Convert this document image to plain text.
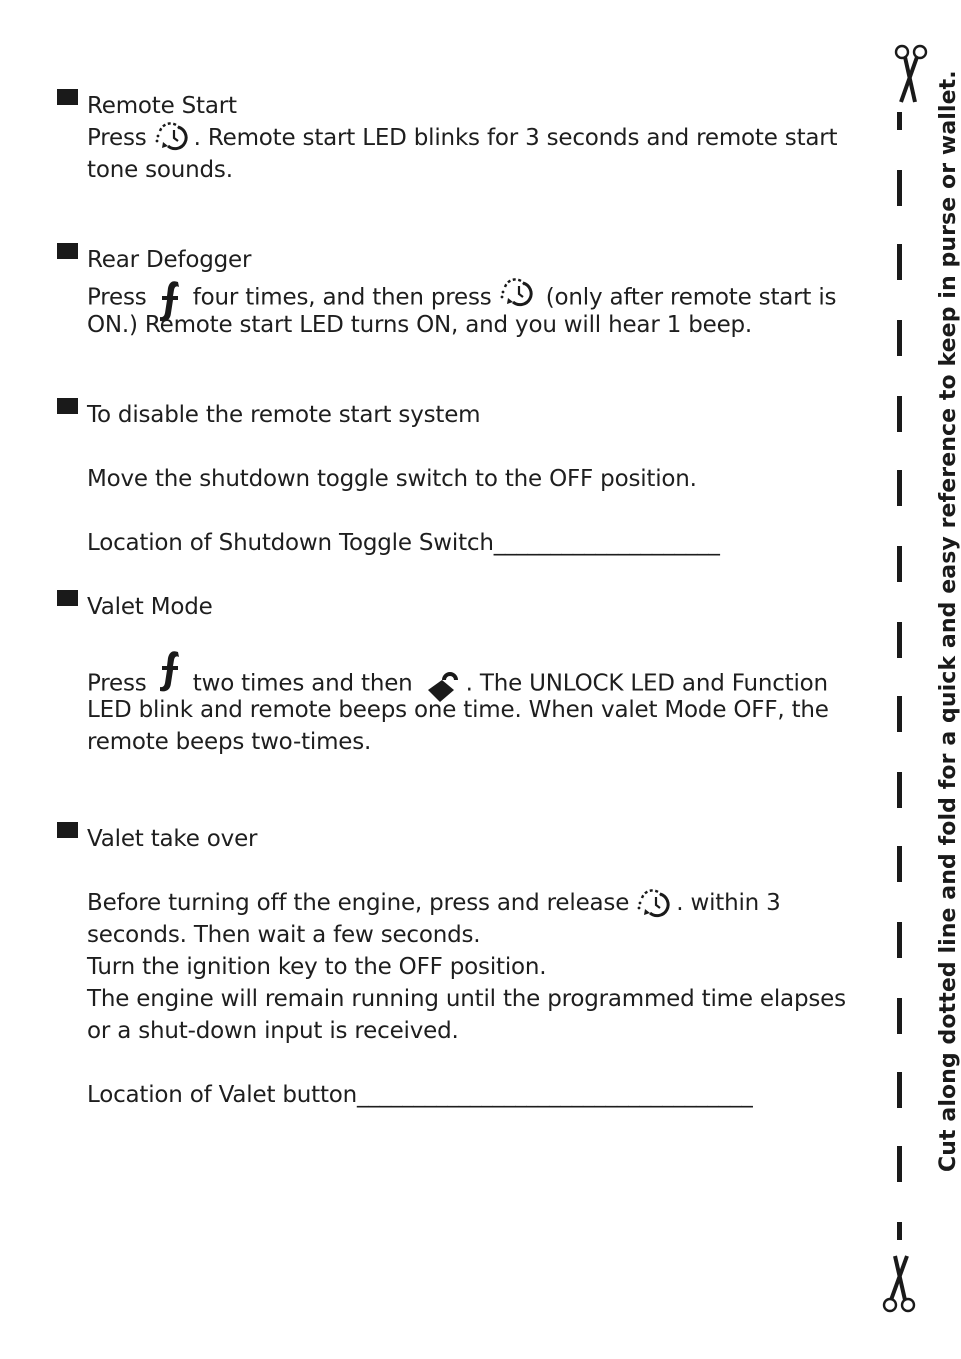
Remote Start
Press
. Remote start LED blinks for 3 seconds and remote start
tone sounds.
Rear Defogger
Press
four times, and then press
(only after remote start is
ON.) Remote start LED turns ON, and you will hear 1 beep.
To disable the remote start system
Move the shutdown toggle switch to the OFF position.
Location of Shutdown Toggle Switch____________________
Valet Mode
Press
two times and then
. The UNLOCK LED and Function
LED blink and remote beeps one time. When valet Mode OFF, the
remote beeps two-times.
Valet take over
Before turning off the engine, press and release
. within 3
seconds. Then wait a few seconds.
Turn the ignition key to the OFF position.
The engine will remain running until the programmed time elapses
or a shut-down input is received.
Location of Valet button___________________________________	Cut along dotted line and fold for a quick and easy reference to keep in purse or wallet.
